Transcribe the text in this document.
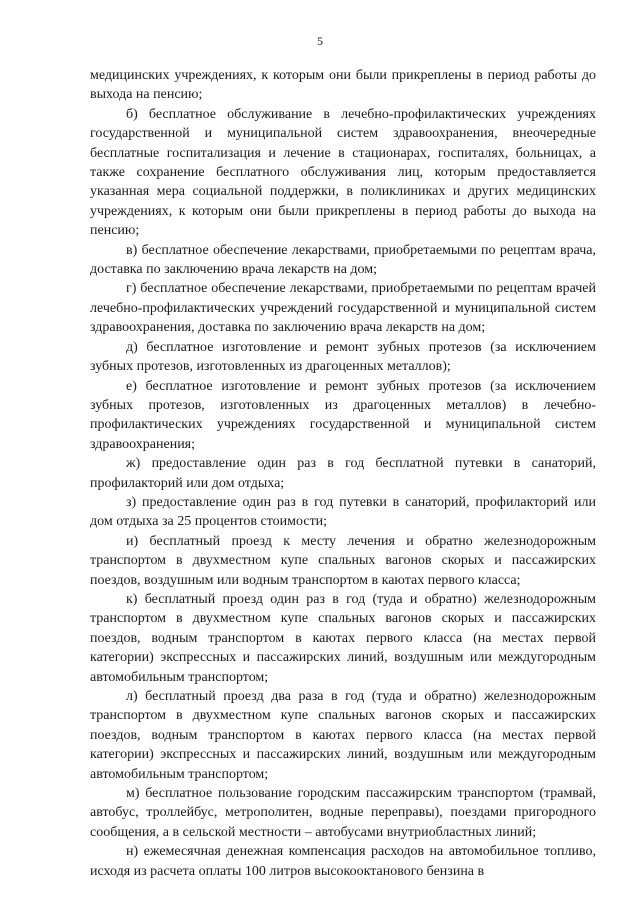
5

медицинских учреждениях, к которым они были прикреплены в период работы до выхода на пенсию;

б) бесплатное обслуживание в лечебно-профилактических учреждениях государственной и муниципальной систем здравоохранения, внеочередные бесплатные госпитализация и лечение в стационарах, госпиталях, больницах, а также сохранение бесплатного обслуживания лиц, которым предоставляется указанная мера социальной поддержки, в поликлиниках и других медицинских учреждениях, к которым они были прикреплены в период работы до выхода на пенсию;

в) бесплатное обеспечение лекарствами, приобретаемыми по рецептам врача, доставка по заключению врача лекарств на дом;

г) бесплатное обеспечение лекарствами, приобретаемыми по рецептам врачей лечебно-профилактических учреждений государственной и муниципальной систем здравоохранения, доставка по заключению врача лекарств на дом;

д) бесплатное изготовление и ремонт зубных протезов (за исключением зубных протезов, изготовленных из драгоценных металлов);

е) бесплатное изготовление и ремонт зубных протезов (за исключением зубных протезов, изготовленных из драгоценных металлов) в лечебно-профилактических учреждениях государственной и муниципальной систем здравоохранения;

ж) предоставление один раз в год бесплатной путевки в санаторий, профилакторий или дом отдыха;

з) предоставление один раз в год путевки в санаторий, профилакторий или дом отдыха за 25 процентов стоимости;

и) бесплатный проезд к месту лечения и обратно железнодорожным транспортом в двухместном купе спальных вагонов скорых и пассажирских поездов, воздушным или водным транспортом в каютах первого класса;

к) бесплатный проезд один раз в год (туда и обратно) железнодорожным транспортом в двухместном купе спальных вагонов скорых и пассажирских поездов, водным транспортом в каютах первого класса (на местах первой категории) экспрессных и пассажирских линий, воздушным или междугородным автомобильным транспортом;

л) бесплатный проезд два раза в год (туда и обратно) железнодорожным транспортом в двухместном купе спальных вагонов скорых и пассажирских поездов, водным транспортом в каютах первого класса (на местах первой категории) экспрессных и пассажирских линий, воздушным или междугородным автомобильным транспортом;

м) бесплатное пользование городским пассажирским транспортом (трамвай, автобус, троллейбус, метрополитен, водные переправы), поездами пригородного сообщения, а в сельской местности – автобусами внутриобластных линий;

н) ежемесячная денежная компенсация расходов на автомобильное топливо, исходя из расчета оплаты 100 литров высокооктанового бензина в
